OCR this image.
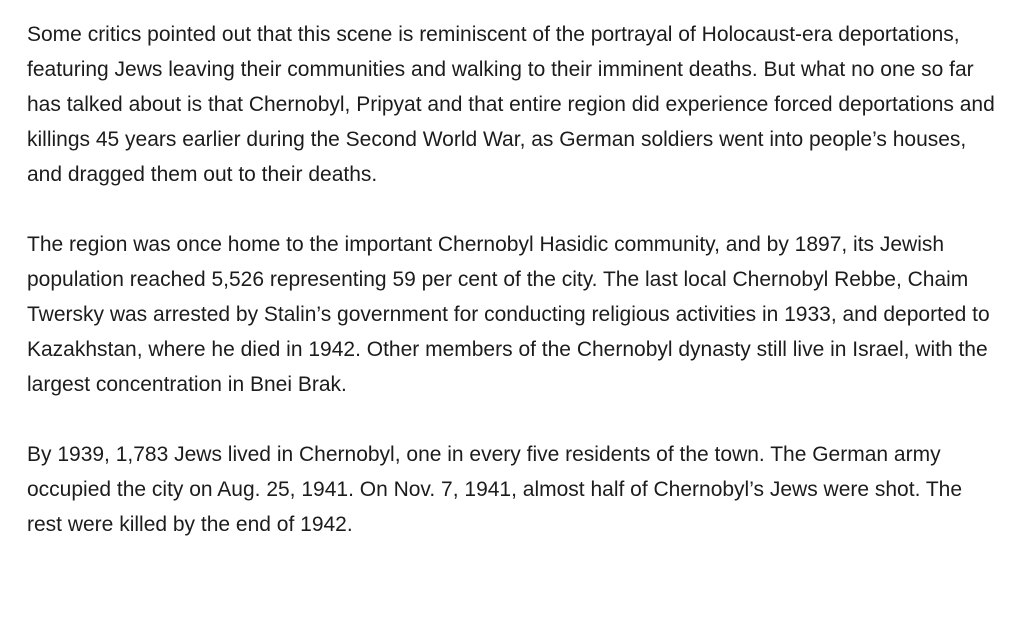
Some critics pointed out that this scene is reminiscent of the portrayal of Holocaust-era deportations, featuring Jews leaving their communities and walking to their imminent deaths. But what no one so far has talked about is that Chernobyl, Pripyat and that entire region did experience forced deportations and killings 45 years earlier during the Second World War, as German soldiers went into people’s houses, and dragged them out to their deaths.

The region was once home to the important Chernobyl Hasidic community, and by 1897, its Jewish population reached 5,526 representing 59 per cent of the city. The last local Chernobyl Rebbe, Chaim Twersky was arrested by Stalin’s government for conducting religious activities in 1933, and deported to Kazakhstan, where he died in 1942. Other members of the Chernobyl dynasty still live in Israel, with the largest concentration in Bnei Brak.

By 1939, 1,783 Jews lived in Chernobyl, one in every five residents of the town. The German army occupied the city on Aug. 25, 1941. On Nov. 7, 1941, almost half of Chernobyl’s Jews were shot. The rest were killed by the end of 1942.
